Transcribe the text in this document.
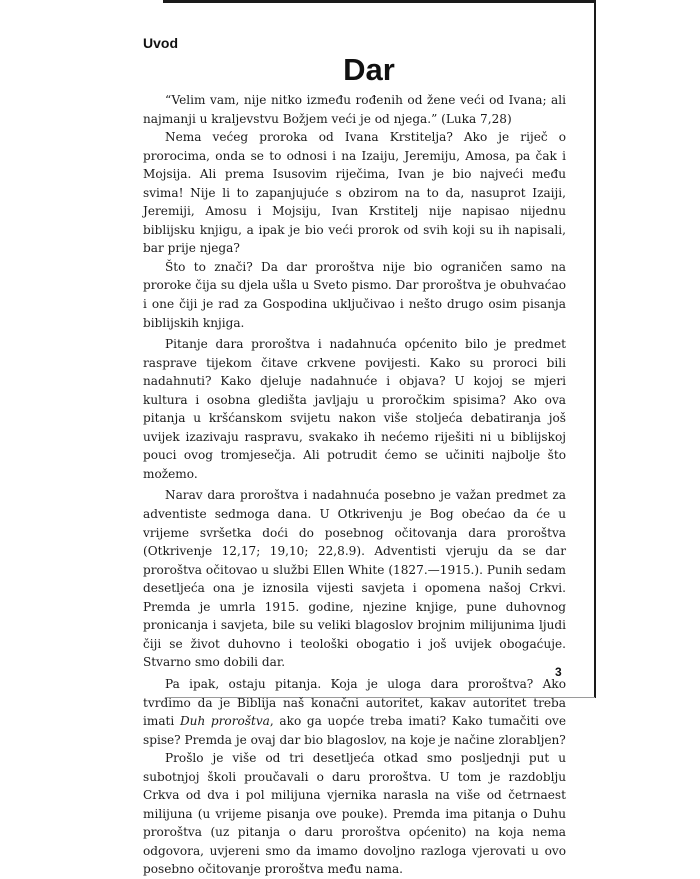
Uvod
Dar

“Velim vam, nije nitko između rođenih od žene veći od Ivana; ali najmanji u kraljevstvu Božjem veći je od njega.” (Luka 7,28)

Nema većeg proroka od Ivana Krstitelja? Ako je riječ o prorocima, onda se to odnosi i na Izaiju, Jeremiju, Amosa, pa čak i Mojsija. Ali prema Isusovim riječima, Ivan je bio najveći među svima! Nije li to zapanjujuće s obzirom na to da, nasuprot Izaiji, Jeremiji, Amosu i Mojsiju, Ivan Krstitelj nije napisao nijednu biblijsku knjigu, a ipak je bio veći prorok od svih koji su ih napisali, bar prije njega?

Što to znači? Da dar proroštva nije bio ograničen samo na proroke čija su djela ušla u Sveto pismo. Dar proroštva je obuhvaćao i one čiji je rad za Gospodina uključivao i nešto drugo osim pisanja biblijskih knjiga.

Pitanje dara proroštva i nadahnuća općenito bilo je predmet rasprave tijekom čitave crkvene povijesti. Kako su proroci bili nadahnuti? Kako djeluje nadahnuće i objava? U kojoj se mjeri kultura i osobna gledišta javljaju u proročkim spisima? Ako ova pitanja u kršćanskom svijetu nakon više stoljeća debatiranja još uvijek izazivaju raspravu, svakako ih nećemo riješiti ni u biblijskoj pouci ovog tromjesečja. Ali potrudit ćemo se učiniti najbolje što možemo.

Narav dara proroštva i nadahnuća posebno je važan predmet za adventiste sedmoga dana. U Otkrivenju je Bog obećao da će u vrijeme svršetka doći do posebnog očitovanja dara proroštva (Otkrivenje 12,17; 19,10; 22,8.9). Adventisti vjeruju da se dar proroštva očitovao u službi Ellen White (1827.—1915.). Punih sedam desetljeća ona je iznosila vijesti savjeta i opomena našoj Crkvi. Premda je umrla 1915. godine, njezine knjige, pune duhovnog pronicanja i savjeta, bile su veliki blagoslov brojnim milijunima ljudi čiji se život duhovno i teološki obogatio i još uvijek obogaćuje. Stvarno smo dobili dar.

Pa ipak, ostaju pitanja. Koja je uloga dara proroštva? Ako tvrdimo da je Biblija naš konačni autoritet, kakav autoritet treba imati Duh proroštva, ako ga uopće treba imati? Kako tumačiti ove spise? Premda je ovaj dar bio blagoslov, na koje je načine zlorabljen?

Prošlo je više od tri desetljeća otkad smo posljednji put u subotnjoj školi proučavali o daru proroštva. U tom je razdoblju Crkva od dva i pol milijuna vjernika narasla na više od četrnaest milijuna (u vrijeme pisanja ove pouke). Premda ima pitanja o Duhu proroštva (uz pitanja o daru proroštva općenito) na koja nema odgovora, uvjereni smo da imamo dovoljno razloga vjerovati u ovo posebno očitovanje proroštva među nama.

3
